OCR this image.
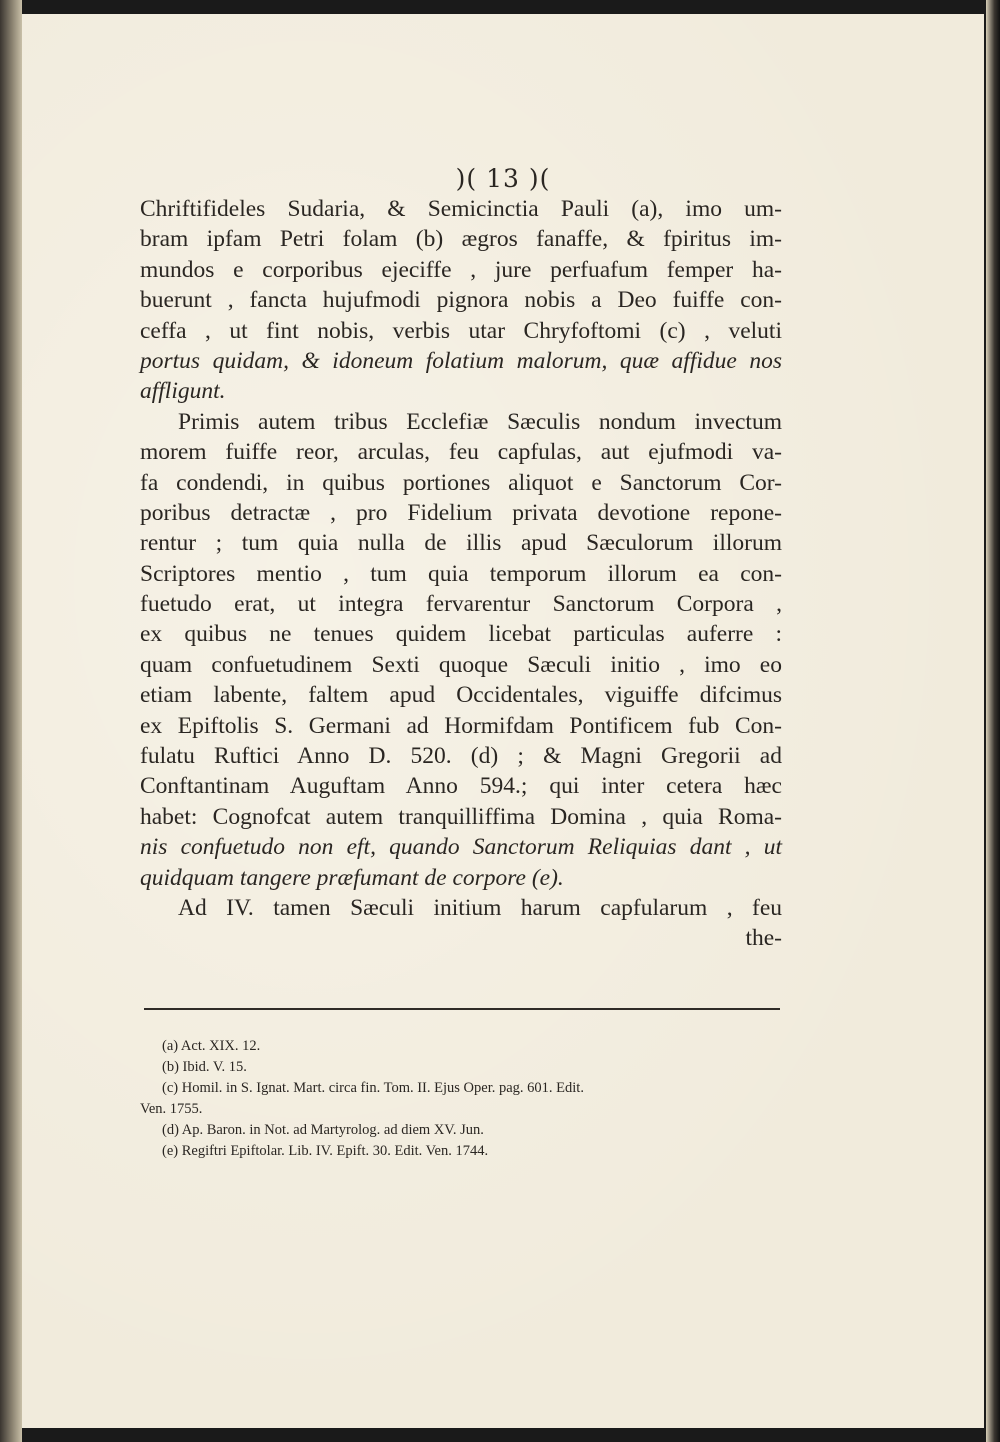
)( 13 )(
Chriftifideles Sudaria, & Semicinctia Pauli (a), imo um-
bram ipfam Petri folam (b) ægros fanaffe, & fpiritus im-
mundos e corporibus ejeciffe , jure perfuafum femper ha-
buerunt , fancta hujufmodi pignora nobis a Deo fuiffe con-
ceffa , ut fint nobis, verbis utar Chryfoftomi (c) , veluti
portus quidam, & idoneum folatium malorum, quæ affidue nos
affligunt.
Primis autem tribus Ecclefiæ Sæculis nondum invectum
morem fuiffe reor, arculas, feu capfulas, aut ejufmodi va-
fa condendi, in quibus portiones aliquot e Sanctorum Cor-
poribus detractæ , pro Fidelium privata devotione repone-
rentur ; tum quia nulla de illis apud Sæculorum illorum
Scriptores mentio , tum quia temporum illorum ea con-
fuetudo erat, ut integra fervarentur Sanctorum Corpora ,
ex quibus ne tenues quidem licebat particulas auferre :
quam confuetudinem Sexti quoque Sæculi initio , imo eo
etiam labente, faltem apud Occidentales, viguiffe difcimus
ex Epiftolis S. Germani ad Hormifdam Pontificem fub Con-
fulatu Ruftici Anno D. 520. (d) ; & Magni Gregorii ad
Conftantinam Auguftam Anno 594.; qui inter cetera hæc
habet: Cognofcat autem tranquilliffima Domina , quia Roma-
nis confuetudo non eft, quando Sanctorum Reliquias dant , ut
quidquam tangere præfumant de corpore (e).
Ad IV. tamen Sæculi initium harum capfularum , feu
the-
(a) Act. XIX. 12.
(b) Ibid. V. 15.
(c) Homil. in S. Ignat. Mart. circa fin. Tom. II. Ejus Oper. pag. 601. Edit.
Ven. 1755.
(d) Ap. Baron. in Not. ad Martyrolog. ad diem XV. Jun.
(e) Regiftri Epiftolar. Lib. IV. Epift. 30. Edit. Ven. 1744.
